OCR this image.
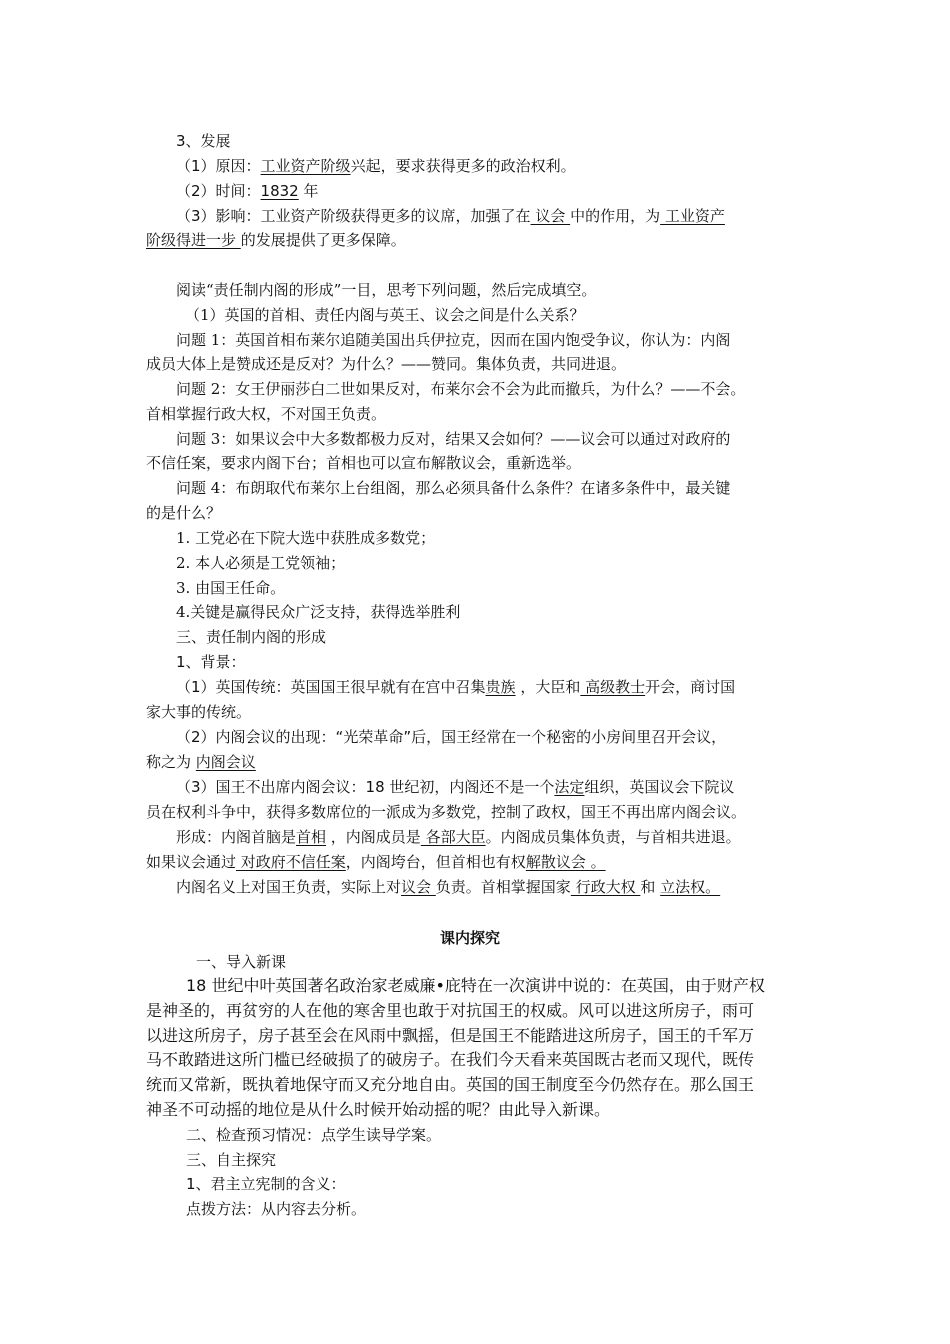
3、发展
（1）原因：工业资产阶级兴起，要求获得更多的政治权利。
（2）时间：1832 年
（3）影响：工业资产阶级获得更多的议席，加强了在 议会 中的作用，为 工业资产
阶级得进一步 的发展提供了更多保障。
阅读“责任制内阁的形成”一目，思考下列问题，然后完成填空。
（1）英国的首相、责任内阁与英王、议会之间是什么关系？
问题 1：英国首相布莱尔追随美国出兵伊拉克，因而在国内饱受争议，你认为：内阁
成员大体上是赞成还是反对？为什么？——赞同。集体负责，共同进退。
问题 2：女王伊丽莎白二世如果反对，布莱尔会不会为此而撤兵，为什么？——不会。
首相掌握行政大权，不对国王负责。
问题 3：如果议会中大多数都极力反对，结果又会如何？——议会可以通过对政府的
不信任案，要求内阁下台；首相也可以宣布解散议会，重新选举。
问题 4：布朗取代布莱尔上台组阁，那么必须具备什么条件？在诸多条件中，最关键
的是什么？
1. 工党必在下院大选中获胜成多数党；
2. 本人必须是工党领袖；
3. 由国王任命。
4.关键是赢得民众广泛支持，获得选举胜利
三、责任制内阁的形成
1、背景：
（1）英国传统：英国国王很早就有在宫中召集贵族 ，大臣和 高级教士开会，商讨国
家大事的传统。
（2）内阁会议的出现：“光荣革命”后，国王经常在一个秘密的小房间里召开会议，
称之为 内阁会议
（3）国王不出席内阁会议：18 世纪初，内阁还不是一个法定组织，英国议会下院议
员在权利斗争中，获得多数席位的一派成为多数党，控制了政权，国王不再出席内阁会议。
形成：内阁首脑是首相 ，内阁成员是 各部大臣。内阁成员集体负责，与首相共进退。
如果议会通过 对政府不信任案，内阁垮台，但首相也有权解散议会 。
内阁名义上对国王负责，实际上对议会 负责。首相掌握国家 行政大权 和 立法权。
课内探究
一、导入新课
18 世纪中叶英国著名政治家老威廉•庇特在一次演讲中说的：在英国，由于财产权
是神圣的，再贫穷的人在他的寒舍里也敢于对抗国王的权威。风可以进这所房子，雨可
以进这所房子，房子甚至会在风雨中飘摇，但是国王不能踏进这所房子，国王的千军万
马不敢踏进这所门槛已经破损了的破房子。在我们今天看来英国既古老而又现代，既传
统而又常新，既执着地保守而又充分地自由。英国的国王制度至今仍然存在。那么国王
神圣不可动摇的地位是从什么时候开始动摇的呢？由此导入新课。
二、检查预习情况：点学生读导学案。
三、自主探究
1、君主立宪制的含义：
点拨方法：从内容去分析。
